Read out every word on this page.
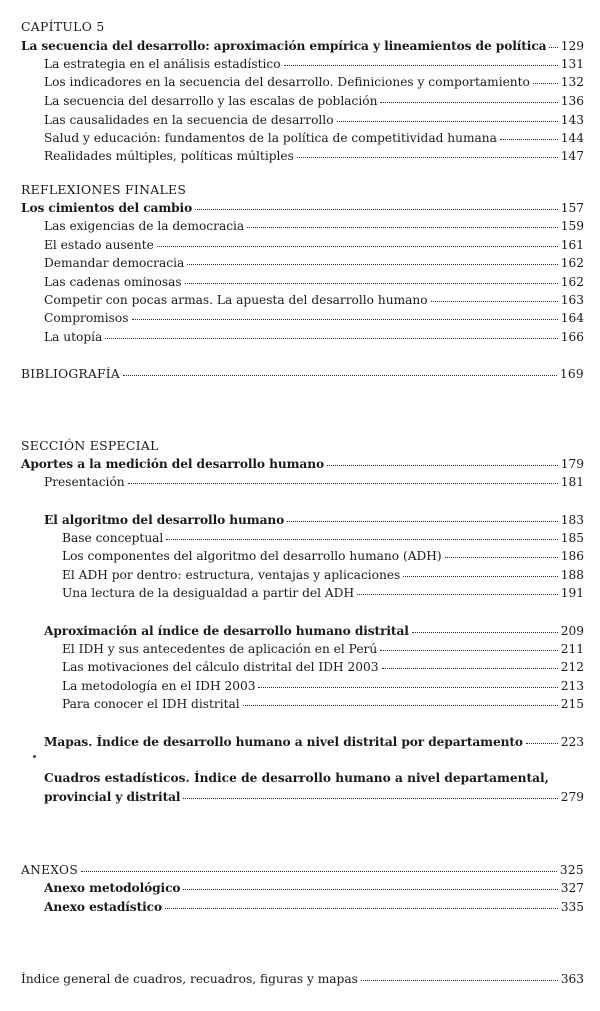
CAPÍTULO 5
La secuencia del desarrollo: aproximación empírica y lineamientos de política 129
La estrategia en el análisis estadístico	131
Los indicadores en la secuencia del desarrollo. Definiciones y comportamiento	132
La secuencia del desarrollo y las escalas de población	136
Las causalidades en la secuencia de desarrollo	143
Salud y educación: fundamentos de la política de competitividad humana	144
Realidades múltiples, políticas múltiples	147
REFLEXIONES FINALES
Los cimientos del cambio	157
Las exigencias de la democracia	159
El estado ausente	161
Demandar democracia	162
Las cadenas ominosas	162
Competir con pocas armas. La apuesta del desarrollo humano	163
Compromisos	164
La utopía	166
BIBLIOGRAFÍA	169
SECCIÓN ESPECIAL
Aportes a la medición del desarrollo humano	179
Presentación	181
El algoritmo del desarrollo humano	183
Base conceptual	185
Los componentes del algoritmo del desarrollo humano (ADH)	186
El ADH por dentro: estructura, ventajas y aplicaciones	188
Una lectura de la desigualdad a partir del ADH	191
Aproximación al índice de desarrollo humano distrital	209
El IDH y sus antecedentes de aplicación en el Perú	211
Las motivaciones del cálculo distrital del IDH 2003	212
La metodología en el IDH 2003	213
Para conocer el IDH distrital	215
Mapas. Índice de desarrollo humano a nivel distrital por departamento	223
Cuadros estadísticos. Índice de desarrollo humano a nivel departamental,
provincial y distrital	279
ANEXOS	325
Anexo metodológico	327
Anexo estadístico	335
Índice general de cuadros, recuadros, figuras y mapas	363
